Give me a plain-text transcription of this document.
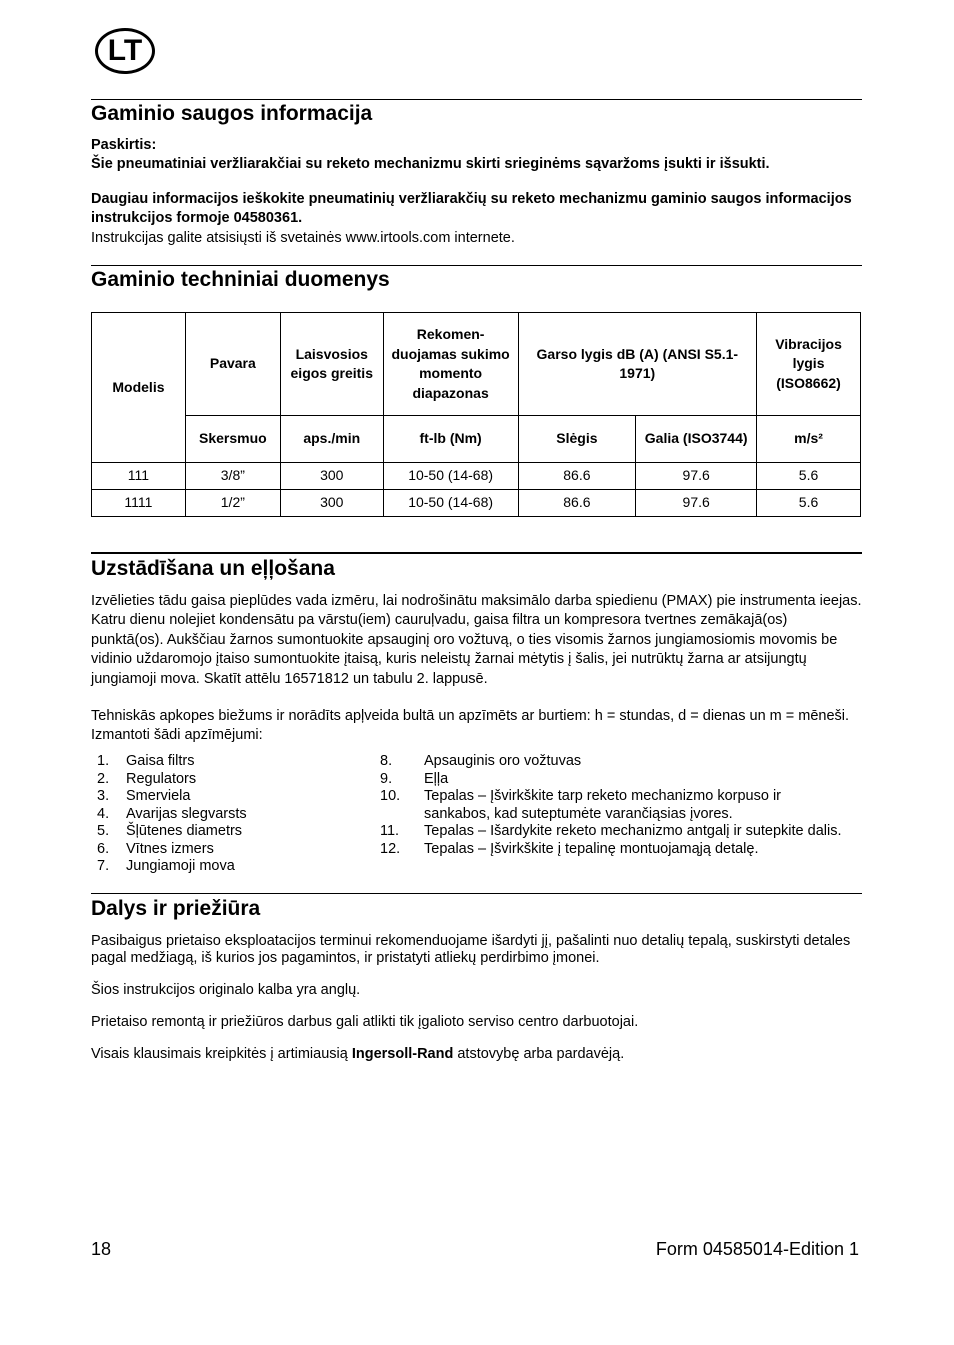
LT
Gaminio saugos informacija

Paskirtis:

Šie pneumatiniai veržliarakčiai su reketo mechanizmu skirti srieginėms sąvaržoms įsukti ir išsukti.

Daugiau informacijos ieškokite pneumatinių veržliarakčių su reketo mechanizmu gaminio saugos informacijos instrukcijos formoje 04580361.

Instrukcijas galite atsisiųsti iš svetainės www.irtools.com internete.

Gaminio techniniai duomenys
Modelis	Pavara	Laisvosios eigos greitis	Rekomen-duojamas sukimo momento diapazonas	Garso lygis dB (A) (ANSI S5.1-1971)		Vibracijos lygis (ISO8662)
	Skersmuo	aps./min	ft-lb (Nm)	Slėgis	Galia (ISO3744)	m/s²
111	3/8”	300	10-50 (14-68)	86.6	97.6	5.6
1111	1/2”	300	10-50 (14-68)	86.6	97.6	5.6
Uzstādīšana un eļļošana

Izvēlieties tādu gaisa pieplūdes vada izmēru, lai nodrošinātu maksimālo darba spiedienu (PMAX) pie instrumenta ieejas. Katru dienu nolejiet kondensātu pa vārstu(iem) cauruļvadu, gaisa filtra un kompresora tvertnes zemākajā(os) punktā(os). Aukščiau žarnos sumontuokite apsauginį oro vožtuvą, o ties visomis žarnos jungiamosiomis movomis be vidinio uždaromojo įtaiso sumontuokite įtaisą, kuris neleistų žarnai mėtytis į šalis, jei nutrūktų žarna ar atsijungtų jungiamoji mova. Skatīt attēlu 16571812 un tabulu 2. lappusē.

Tehniskās apkopes biežums ir norādīts apļveida bultā un apzīmēts ar burtiem: h = stundas, d = dienas un m = mēneši. Izmantoti šādi apzīmējumi:

1. Gaisa filtrs
2. Regulators
3. Smerviela
4. Avarijas slegvarsts
5. Šļūtenes diametrs
6. Vītnes izmers
7. Jungiamoji mova
8. Apsauginis oro vožtuvas
9. Eļļa
10. Tepalas – Įšvirkškite tarp reketo mechanizmo korpuso ir sankabos, kad suteptumėte varančiąsias įvores.
11. Tepalas – Išardykite reketo mechanizmo antgalį ir sutepkite dalis.
12. Tepalas – Įšvirkškite į tepalinę montuojamąją detalę.
Dalys ir priežiūra

Pasibaigus prietaiso eksploatacijos terminui rekomenduojame išardyti jį, pašalinti nuo detalių tepalą, suskirstyti detales pagal medžiagą, iš kurios jos pagamintos, ir pristatyti atliekų perdirbimo įmonei.

Šios instrukcijos originalo kalba yra anglų.

Prietaiso remontą ir priežiūros darbus gali atlikti tik įgalioto serviso centro darbuotojai.

Visais klausimais kreipkitės į artimiausią Ingersoll-Rand atstovybę arba pardavėją.

18	Form 04585014-Edition 1
